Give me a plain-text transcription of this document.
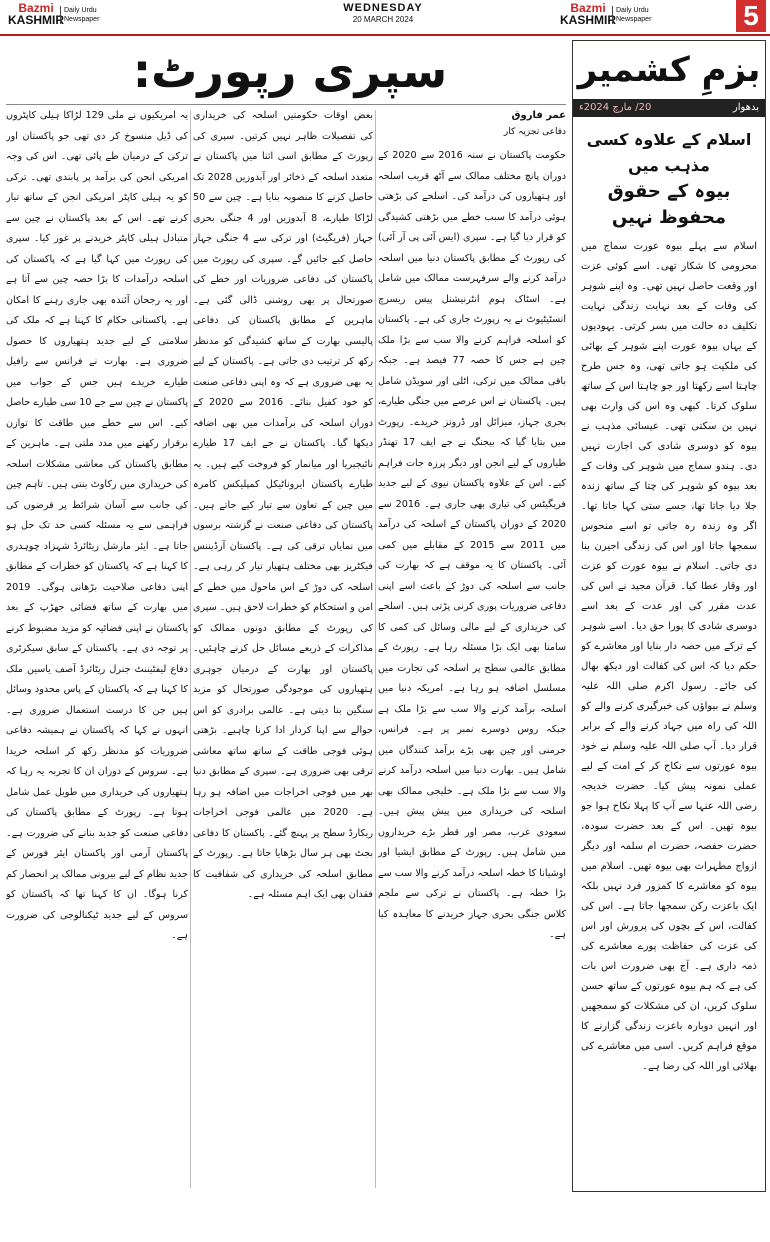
Bazmi
KASHMIR
Daily Urdu Newspaper
WEDNESDAY
20 MARCH 2024
Bazmi
KASHMIR
Daily Urdu Newspaper	5
سپری رپورٹ:
عمر فاروق
دفاعی تجزیہ کار
حکومت پاکستان نے سنہ 2016 سے 2020 کے دوران پانچ مختلف ممالک سے آٹھ قریب اسلحہ اور ہتھیاروں کی درآمد کی۔ اسلحے کی بڑھتی ہوئی درآمد کا سبب خطے میں بڑھتی کشیدگی کو قرار دیا گیا ہے۔ سپری (ایس آئی پی آر آئی) کی رپورٹ کے مطابق پاکستان دنیا میں اسلحہ درآمد کرنے والے سرفہرست ممالک میں شامل ہے۔ اسٹاک ہوم انٹرنیشنل پیس ریسرچ انسٹیٹیوٹ نے یہ رپورٹ جاری کی ہے۔ پاکستان کو اسلحہ فراہم کرنے والا سب سے بڑا ملک چین ہے جس کا حصہ 77 فیصد ہے۔ جبکہ باقی ممالک میں ترکی، اٹلی اور سویڈن شامل ہیں۔ پاکستان نے اس عرصے میں جنگی طیارے، بحری جہاز، میزائل اور ڈرونز خریدے۔ رپورٹ میں بتایا گیا کہ بیجنگ نے جے ایف 17 تھنڈر طیاروں کے لیے انجن اور دیگر پرزہ جات فراہم کیے۔ اس کے علاوہ پاکستان نیوی کے لیے جدید فریگیٹس کی تیاری بھی جاری ہے۔ 2016 سے 2020 کے دوران پاکستان کے اسلحہ کی درآمد میں 2011 سے 2015 کے مقابلے میں کمی آئی۔ پاکستان کا یہ موقف ہے کہ بھارت کی جانب سے اسلحہ کی دوڑ کے باعث اسے اپنی دفاعی ضروریات پوری کرنی پڑتی ہیں۔ اسلحے کی خریداری کے لیے مالی وسائل کی کمی کا سامنا بھی ایک بڑا مسئلہ رہا ہے۔ رپورٹ کے مطابق عالمی سطح پر اسلحہ کی تجارت میں مسلسل اضافہ ہو رہا ہے۔ امریکہ دنیا میں اسلحہ برآمد کرنے والا سب سے بڑا ملک ہے جبکہ روس دوسرے نمبر پر ہے۔ فرانس، جرمنی اور چین بھی بڑے برآمد کنندگان میں شامل ہیں۔ بھارت دنیا میں اسلحہ درآمد کرنے والا سب سے بڑا ملک ہے۔ خلیجی ممالک بھی اسلحہ کی خریداری میں پیش پیش ہیں۔ سعودی عرب، مصر اور قطر بڑے خریداروں میں شامل ہیں۔ رپورٹ کے مطابق ایشیا اور اوشیانا کا خطہ اسلحہ درآمد کرنے والا سب سے بڑا خطہ ہے۔ پاکستان نے ترکی سے ملجم کلاس جنگی بحری جہاز خریدنے کا معاہدہ کیا ہے۔
بعض اوقات حکومتیں اسلحہ کی خریداری کی تفصیلات ظاہر نہیں کرتیں۔ سپری کی رپورٹ کے مطابق اسی اثنا میں پاکستان نے متعدد اسلحہ کے ذخائر اور آبدوزیں 2028 تک حاصل کرنے کا منصوبہ بنایا ہے۔ چین سے 50 لڑاکا طیارے، 8 آبدوزیں اور 4 جنگی بحری جہاز (فریگیٹ) اور ترکی سے 4 جنگی جہاز حاصل کیے جائیں گے۔ سپری کی رپورٹ میں پاکستان کی دفاعی ضروریات اور خطے کی صورتحال پر بھی روشنی ڈالی گئی ہے۔ ماہرین کے مطابق پاکستان کی دفاعی پالیسی بھارت کے ساتھ کشیدگی کو مدنظر رکھ کر ترتیب دی جاتی ہے۔ پاکستان کے لیے یہ بھی ضروری ہے کہ وہ اپنی دفاعی صنعت کو خود کفیل بنائے۔ 2016 سے 2020 کے دوران اسلحہ کی برآمدات میں بھی اضافہ دیکھا گیا۔ پاکستان نے جے ایف 17 طیارے نائیجیریا اور میانمار کو فروخت کیے ہیں۔ یہ طیارے پاکستان ایروناٹیکل کمپلیکس کامرہ میں چین کے تعاون سے تیار کیے جاتے ہیں۔ پاکستان کی دفاعی صنعت نے گزشتہ برسوں میں نمایاں ترقی کی ہے۔ پاکستان آرڈیننس فیکٹریز بھی مختلف ہتھیار تیار کر رہی ہے۔ اسلحہ کی دوڑ کے اس ماحول میں خطے کے امن و استحکام کو خطرات لاحق ہیں۔ سپری کی رپورٹ کے مطابق دونوں ممالک کو مذاکرات کے ذریعے مسائل حل کرنے چاہئیں۔ پاکستان اور بھارت کے درمیان جوہری ہتھیاروں کی موجودگی صورتحال کو مزید سنگین بنا دیتی ہے۔ عالمی برادری کو اس حوالے سے اپنا کردار ادا کرنا چاہیے۔ بڑھتی ہوئی فوجی طاقت کے ساتھ ساتھ معاشی ترقی بھی ضروری ہے۔ سپری کے مطابق دنیا بھر میں فوجی اخراجات میں اضافہ ہو رہا ہے۔ 2020 میں عالمی فوجی اخراجات ریکارڈ سطح پر پہنچ گئے۔ پاکستان کا دفاعی بجٹ بھی ہر سال بڑھایا جاتا ہے۔ رپورٹ کے مطابق اسلحہ کی خریداری کی شفافیت کا فقدان بھی ایک اہم مسئلہ ہے۔
یہ امریکیوں نے ملی 129 لڑاکا ہیلی کاپٹروں کی ڈیل منسوخ کر دی تھی جو پاکستان اور ترکی کے درمیان طے پائی تھی۔ اس کی وجہ امریکی انجن کی برآمد پر پابندی تھی۔ ترکی کو یہ ہیلی کاپٹر امریکی انجن کے ساتھ تیار کرنے تھے۔ اس کے بعد پاکستان نے چین سے متبادل ہیلی کاپٹر خریدنے پر غور کیا۔ سپری کی رپورٹ میں کہا گیا ہے کہ پاکستان کی اسلحہ درآمدات کا بڑا حصہ چین سے آتا ہے اور یہ رجحان آئندہ بھی جاری رہنے کا امکان ہے۔ پاکستانی حکام کا کہنا ہے کہ ملک کی سلامتی کے لیے جدید ہتھیاروں کا حصول ضروری ہے۔ بھارت نے فرانس سے رافیل طیارے خریدے ہیں جس کے جواب میں پاکستان نے چین سے جے 10 سی طیارے حاصل کیے۔ اس سے خطے میں طاقت کا توازن برقرار رکھنے میں مدد ملتی ہے۔ ماہرین کے مطابق پاکستان کی معاشی مشکلات اسلحہ کی خریداری میں رکاوٹ بنتی ہیں۔ تاہم چین کی جانب سے آسان شرائط پر قرضوں کی فراہمی سے یہ مسئلہ کسی حد تک حل ہو جاتا ہے۔ ایئر مارشل ریٹائرڈ شہزاد چوہدری کا کہنا ہے کہ پاکستان کو خطرات کے مطابق اپنی دفاعی صلاحیت بڑھانی ہوگی۔ 2019 میں بھارت کے ساتھ فضائی جھڑپ کے بعد پاکستان نے اپنی فضائیہ کو مزید مضبوط کرنے پر توجہ دی ہے۔ پاکستان کے سابق سیکرٹری دفاع لیفٹیننٹ جنرل ریٹائرڈ آصف یاسین ملک کا کہنا ہے کہ پاکستان کے پاس محدود وسائل ہیں جن کا درست استعمال ضروری ہے۔ انہوں نے کہا کہ پاکستان نے ہمیشہ دفاعی ضروریات کو مدنظر رکھ کر اسلحہ خریدا ہے۔ سروس کے دوران ان کا تجربہ یہ رہا کہ ہتھیاروں کی خریداری میں طویل عمل شامل ہوتا ہے۔ رپورٹ کے مطابق پاکستان کی دفاعی صنعت کو جدید بنانے کی ضرورت ہے۔ پاکستان آرمی اور پاکستان ایئر فورس کے جدید نظام کے لیے بیرونی ممالک پر انحصار کم کرنا ہوگا۔ ان کا کہنا تھا کہ پاکستان کو سروس کے لیے جدید ٹیکنالوجی کی ضرورت ہے۔
بزمِ کشمیر
بدھوار
20/ مارچ 2024ء
اسلام کے علاوہ کسی مذہب میں
بیوہ کے حقوق محفوظ نہیں
اسلام سے پہلے بیوہ عورت سماج میں محرومی کا شکار تھی۔ اسے کوئی عزت اور وقعت حاصل نہیں تھی۔ وہ اپنے شوہر کی وفات کے بعد نہایت زندگی نہایت تکلیف دہ حالت میں بسر کرتی۔ یہودیوں کے یہاں بیوہ عورت اپنے شوہر کے بھائی کی ملکیت ہو جاتی تھی، وہ جس طرح چاہتا اسے رکھتا اور جو چاہتا اس کے ساتھ سلوک کرتا۔ کبھی وہ اس کی وارث بھی نہیں بن سکتی تھی۔ عیسائی مذہب نے بیوہ کو دوسری شادی کی اجازت نہیں دی۔ ہندو سماج میں شوہر کی وفات کے بعد بیوہ کو شوہر کی چتا کے ساتھ زندہ جلا دیا جاتا تھا، جسے ستی کہا جاتا تھا۔ اگر وہ زندہ رہ جاتی تو اسے منحوس سمجھا جاتا اور اس کی زندگی اجیرن بنا دی جاتی۔ اسلام نے بیوہ عورت کو عزت اور وقار عطا کیا۔ قرآن مجید نے اس کی عدت مقرر کی اور عدت کے بعد اسے دوسری شادی کا پورا حق دیا۔ اسے شوہر کے ترکے میں حصہ دار بنایا اور معاشرے کو حکم دیا کہ اس کی کفالت اور دیکھ بھال کی جائے۔ رسول اکرم صلی اللہ علیہ وسلم نے بیواؤں کی خبرگیری کرنے والے کو اللہ کی راہ میں جہاد کرنے والے کے برابر قرار دیا۔ آپ صلی اللہ علیہ وسلم نے خود بیوہ عورتوں سے نکاح کر کے امت کے لیے عملی نمونہ پیش کیا۔ حضرت خدیجہ رضی اللہ عنہا سے آپ کا پہلا نکاح ہوا جو بیوہ تھیں۔ اس کے بعد حضرت سودہ، حضرت حفصہ، حضرت ام سلمہ اور دیگر ازواج مطہرات بھی بیوہ تھیں۔ اسلام میں بیوہ کو معاشرے کا کمزور فرد نہیں بلکہ ایک باعزت رکن سمجھا جاتا ہے۔ اس کی کفالت، اس کے بچوں کی پرورش اور اس کی عزت کی حفاظت پورے معاشرے کی ذمہ داری ہے۔ آج بھی ضرورت اس بات کی ہے کہ ہم بیوہ عورتوں کے ساتھ حسن سلوک کریں، ان کی مشکلات کو سمجھیں اور انہیں دوبارہ باعزت زندگی گزارنے کا موقع فراہم کریں۔ اسی میں معاشرے کی بھلائی اور اللہ کی رضا ہے۔
